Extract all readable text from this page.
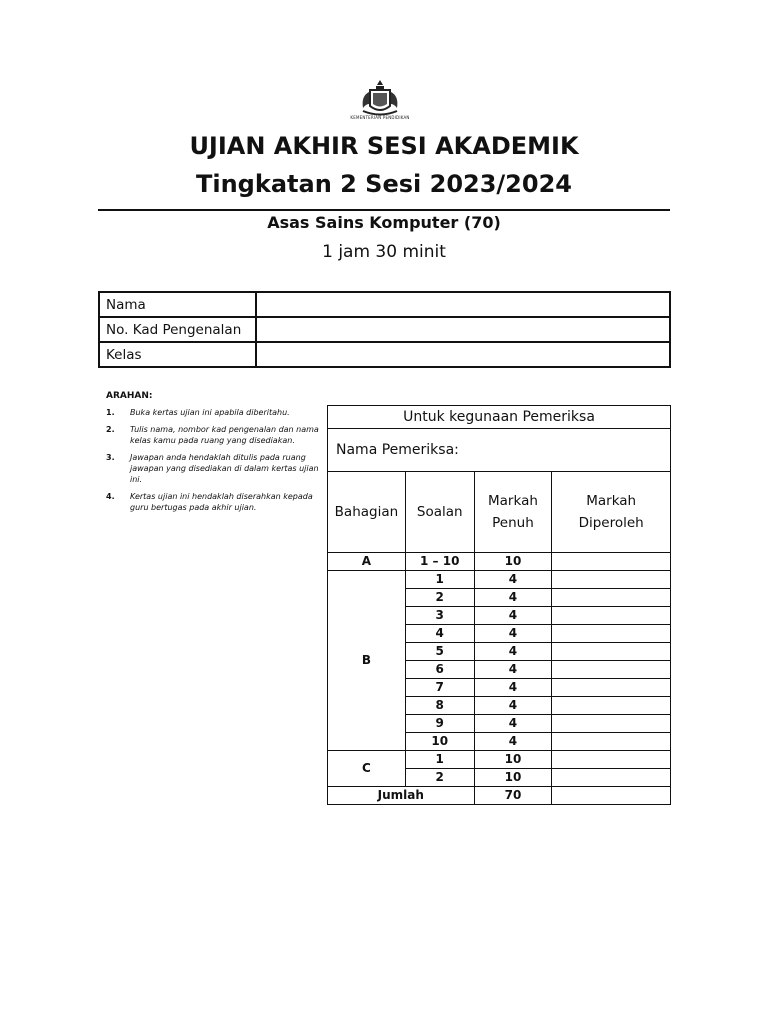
KEMENTERIAN PENDIDIKAN
UJIAN AKHIR SESI AKADEMIK
Tingkatan 2 Sesi 2023/2024
Asas Sains Komputer (70)
1 jam 30 minit
Nama	
No. Kad Pengenalan	
Kelas	
ARAHAN:
1. Buka kertas ujian ini apabila diberitahu.
2. Tulis nama, nombor kad pengenalan dan nama kelas kamu pada ruang yang disediakan.
3. Jawapan anda hendaklah ditulis pada ruang jawapan yang disediakan di dalam kertas ujian ini.
4. Kertas ujian ini hendaklah diserahkan kepada guru bertugas pada akhir ujian.
Untuk kegunaan Pemeriksa			
Nama Pemeriksa:			
Bahagian	Soalan	Markah Penuh	Markah Diperoleh

A	1 – 10	10	
B	1	4	
	2	4	
	3	4	
	4	4	
	5	4	
	6	4	
	7	4	
	8	4	
	9	4	
	10	4	
C	1	10	
	2	10	
Jumlah		70	
